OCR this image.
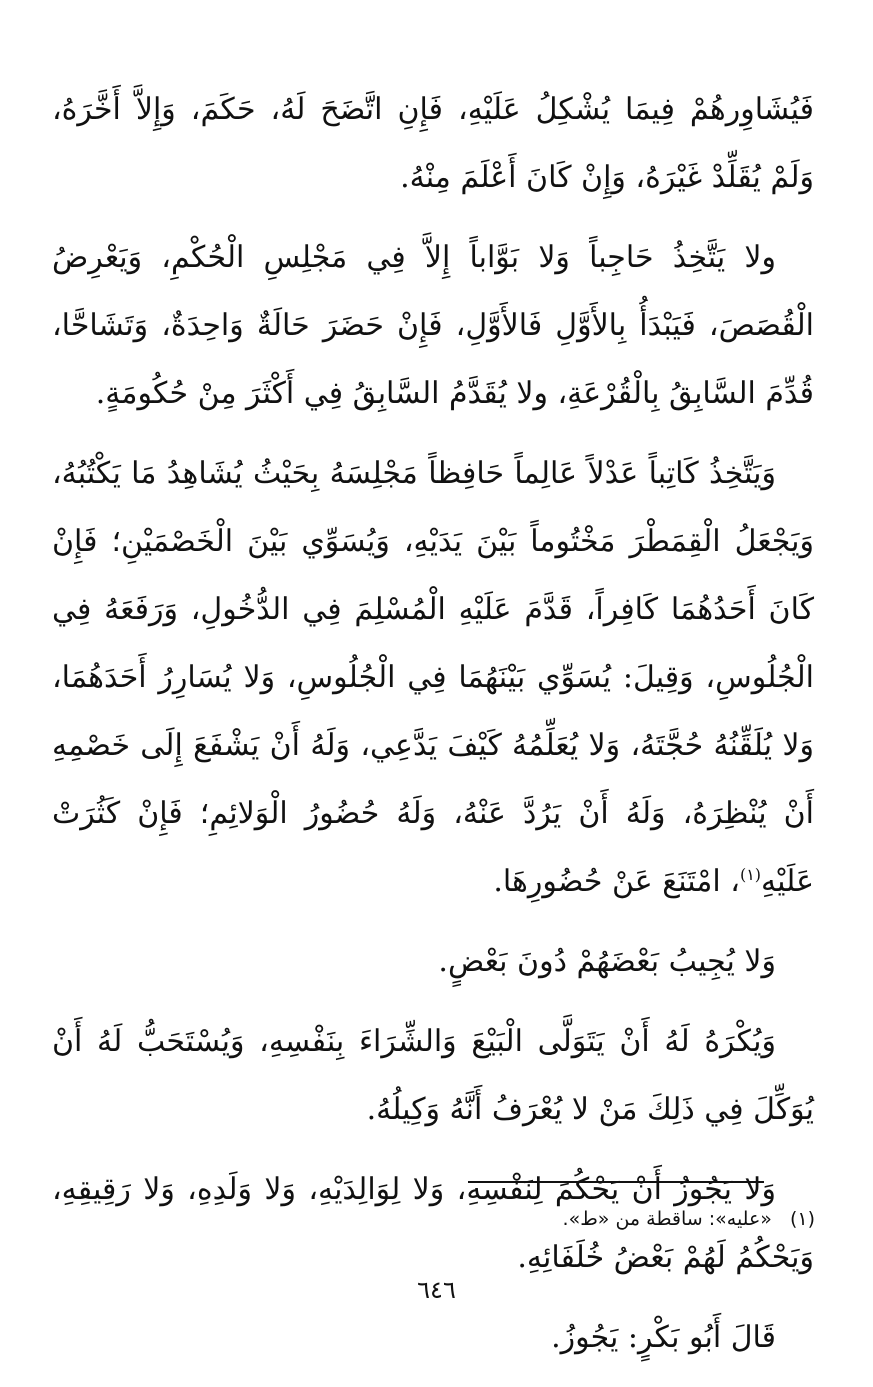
فَيُشَاوِرهُمْ فِيمَا يُشْكِلُ عَلَيْهِ، فَإِنِ اتَّضَحَ لَهُ، حَكَمَ، وَإِلاَّ أَخَّرَهُ، وَلَمْ يُقَلِّدْ غَيْرَهُ، وَإِنْ كَانَ أَعْلَمَ مِنْهُ.

ولا يَتَّخِذُ حَاجِباً وَلا بَوَّاباً إِلاَّ فِي مَجْلِسِ الْحُكْمِ، وَيَعْرِضُ الْقُصَصَ، فَيَبْدَأُ بِالأَوَّلِ فَالأَوَّلِ، فَإِنْ حَضَرَ حَالَةٌ وَاحِدَةٌ، وَتَشَاحَّا، قُدِّمَ السَّابِقُ بِالْقُرْعَةِ، ولا يُقَدَّمُ السَّابِقُ فِي أَكْثَرَ مِنْ حُكُومَةٍ.

وَيَتَّخِذُ كَاتِباً عَدْلاً عَالِماً حَافِظاً مَجْلِسَهُ بِحَيْثُ يُشَاهِدُ مَا يَكْتُبُهُ، وَيَجْعَلُ الْقِمَطْرَ مَخْتُوماً بَيْنَ يَدَيْهِ، وَيُسَوِّي بَيْنَ الْخَصْمَيْنِ؛ فَإِنْ كَانَ أَحَدُهُمَا كَافِراً، قَدَّمَ عَلَيْهِ الْمُسْلِمَ فِي الدُّخُولِ، وَرَفَعَهُ فِي الْجُلُوسِ، وَقِيلَ: يُسَوِّي بَيْنَهُمَا فِي الْجُلُوسِ، وَلا يُسَارِرُ أَحَدَهُمَا، وَلا يُلَقِّنُهُ حُجَّتَهُ، وَلا يُعَلِّمُهُ كَيْفَ يَدَّعِي، وَلَهُ أَنْ يَشْفَعَ إِلَى خَصْمِهِ أَنْ يُنْظِرَهُ، وَلَهُ أَنْ يَرُدَّ عَنْهُ، وَلَهُ حُضُورُ الْوَلائِمِ؛ فَإِنْ كَثُرَتْ عَلَيْهِ$^{(١)}$، امْتَنَعَ عَنْ حُضُورِهَا.

وَلا يُجِيبُ بَعْضَهُمْ دُونَ بَعْضٍ.

وَيُكْرَهُ لَهُ أَنْ يَتَوَلَّى الْبَيْعَ وَالشِّرَاءَ بِنَفْسِهِ، وَيُسْتَحَبُّ لَهُ أَنْ يُوَكِّلَ فِي ذَلِكَ مَنْ لا يُعْرَفُ أَنَّهُ وَكِيلُهُ.

وَلا يَجُوزُ أَنْ يَحْكُمَ لِنَفْسِهِ، وَلا لِوَالِدَيْهِ، وَلا وَلَدِهِ، وَلا رَقِيقِهِ، وَيَحْكُمُ لَهُمْ بَعْضُ خُلَفَائِهِ.

قَالَ أَبُو بَكْرٍ: يَجُوزُ.

(١)«عليه»: ساقطة من «ط».
٦٤٦
